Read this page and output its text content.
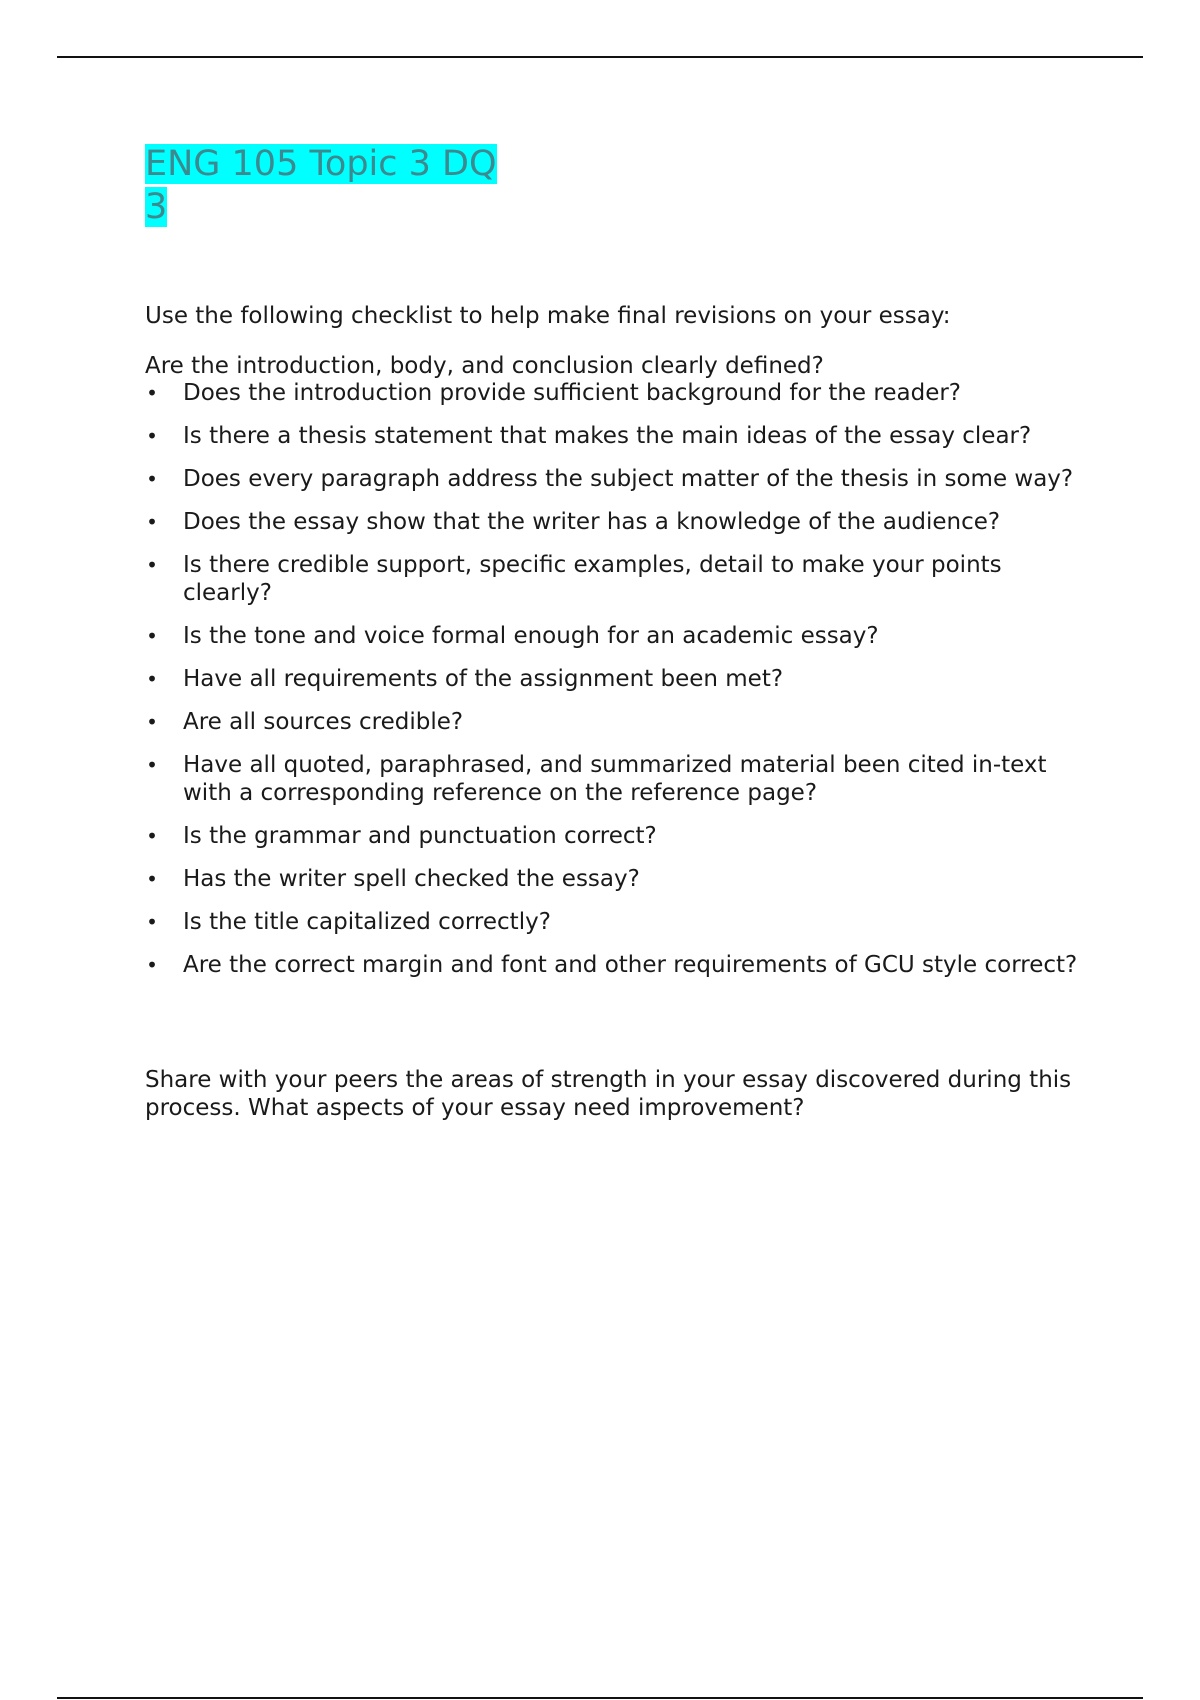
ENG 105 Topic 3 DQ 3

Use the following checklist to help make final revisions on your essay:

Are the introduction, body, and conclusion clearly defined?

• Does the introduction provide sufficient background for the reader?
• Is there a thesis statement that makes the main ideas of the essay clear?
• Does every paragraph address the subject matter of the thesis in some way?
• Does the essay show that the writer has a knowledge of the audience?
• Is there credible support, specific examples, detail to make your points clearly?
• Is the tone and voice formal enough for an academic essay?
• Have all requirements of the assignment been met?
• Are all sources credible?
• Have all quoted, paraphrased, and summarized material been cited in-text with a corresponding reference on the reference page?
• Is the grammar and punctuation correct?
• Has the writer spell checked the essay?
• Is the title capitalized correctly?
• Are the correct margin and font and other requirements of GCU style correct?

Share with your peers the areas of strength in your essay discovered during this process. What aspects of your essay need improvement?
